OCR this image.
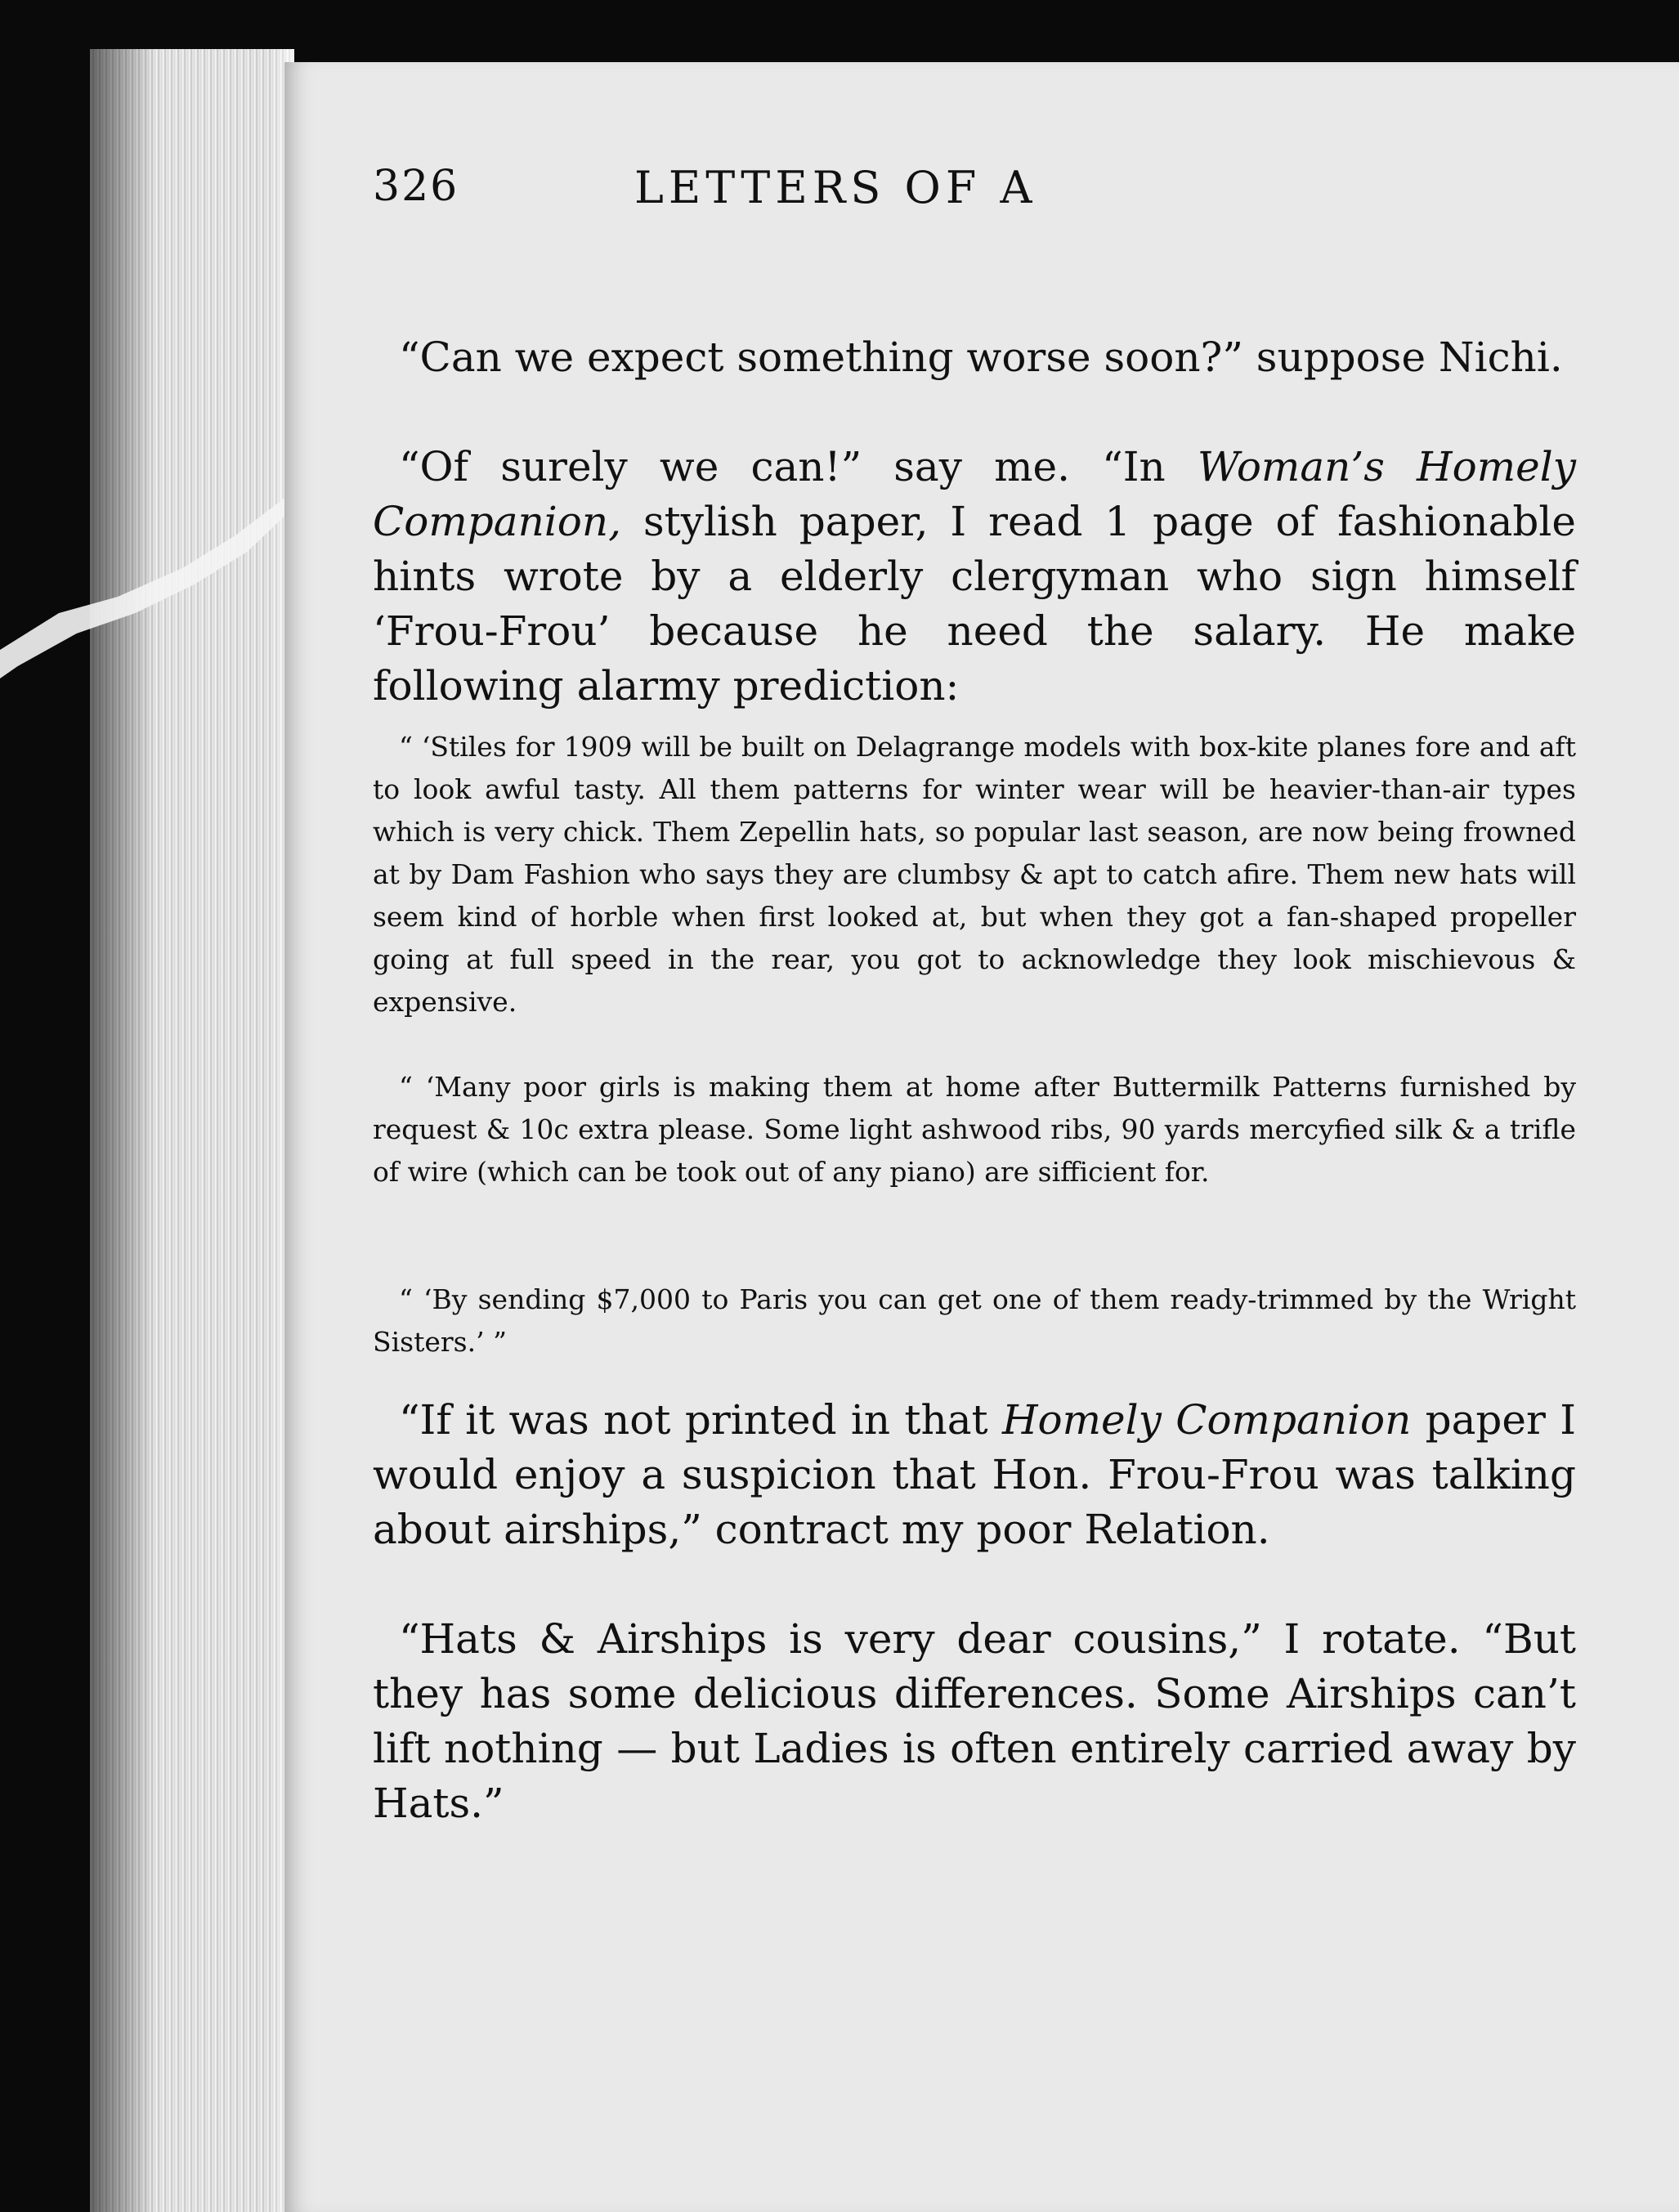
326	LETTERS OF A

“Can we expect something worse soon?” suppose Nichi.

“Of surely we can!” say me. “In Woman’s Homely Companion, stylish paper, I read 1 page of fashionable hints wrote by a elderly clergyman who sign himself ‘Frou-Frou’ because he need the salary. He make following alarmy prediction:

“ ‘Stiles for 1909 will be built on Delagrange models with box-kite planes fore and aft to look awful tasty. All them patterns for winter wear will be heavier-than-air types which is very chick. Them Zepellin hats, so popular last season, are now being frowned at by Dam Fashion who says they are clumbsy & apt to catch afire. Them new hats will seem kind of horble when first looked at, but when they got a fan-shaped propeller going at full speed in the rear, you got to acknowledge they look mischievous & expensive.

“ ‘Many poor girls is making them at home after Buttermilk Patterns furnished by request & 10c extra please. Some light ashwood ribs, 90 yards mercyfied silk & a trifle of wire (which can be took out of any piano) are sifficient for.

“ ‘By sending $7,000 to Paris you can get one of them ready-trimmed by the Wright Sisters.’ ”

“If it was not printed in that Homely Companion paper I would enjoy a suspicion that Hon. Frou-Frou was talking about airships,” contract my poor Relation.

“Hats & Airships is very dear cousins,” I rotate. “But they has some delicious differences. Some Airships can’t lift nothing — but Ladies is often entirely carried away by Hats.”
